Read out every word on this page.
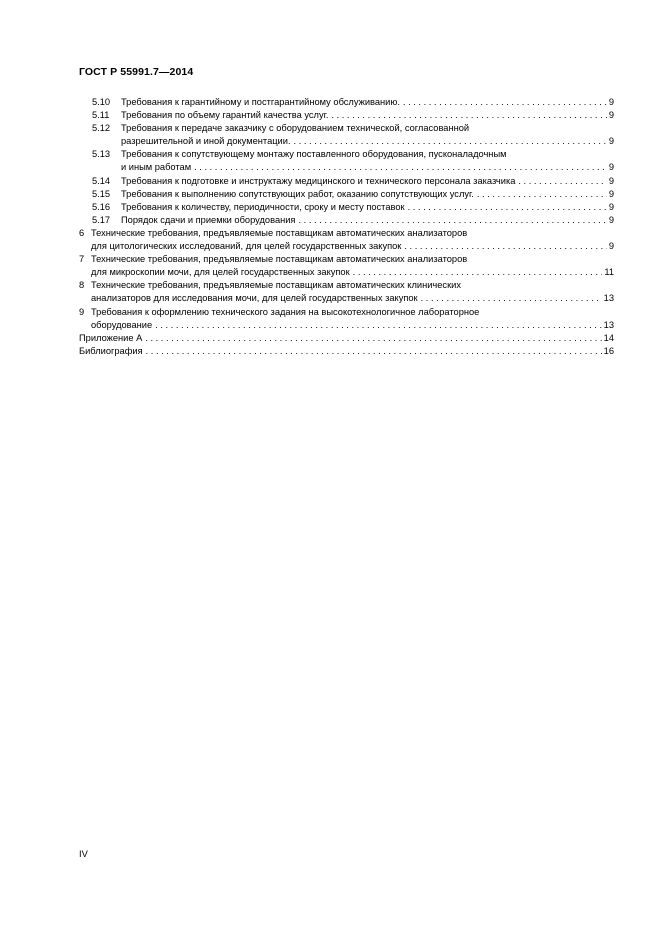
ГОСТ Р 55991.7—2014
5.10	Требования к гарантийному и постгарантийному обслуживанию. . . .	9
5.11	Требования по объему гарантий качества услуг. . . .	9
5.12	Требования к передаче заказчику с оборудованием технической, согласованной
разрешительной и иной документации. . . .	9
5.13	Требования к сопутствующему монтажу поставленного оборудования, пусконаладочным
и иным работам . . .	9
5.14	Требования к подготовке и инструктажу медицинского и технического персонала заказчика . . .	9
5.15	Требования к выполнению сопутствующих работ, оказанию сопутствующих услуг. . . .	9
5.16	Требования к количеству, периодичности, сроку и месту поставок . . .	9
5.17	Порядок сдачи и приемки оборудования . . .	9
6 Технические требования, предъявляемые поставщикам автоматических анализаторов
для цитологических исследований, для целей государственных закупок . . .	9
7 Технические требования, предъявляемые поставщикам автоматических анализаторов
для микроскопии мочи, для целей государственных закупок . . .	11
8 Технические требования, предъявляемые поставщикам автоматических клинических
анализаторов для исследования мочи, для целей государственных закупок . . .	13
9 Требования к оформлению технического задания на высокотехнологичное лабораторное
оборудование . . .	13
Приложение А . . .	14
Библиография . . .	16
IV
